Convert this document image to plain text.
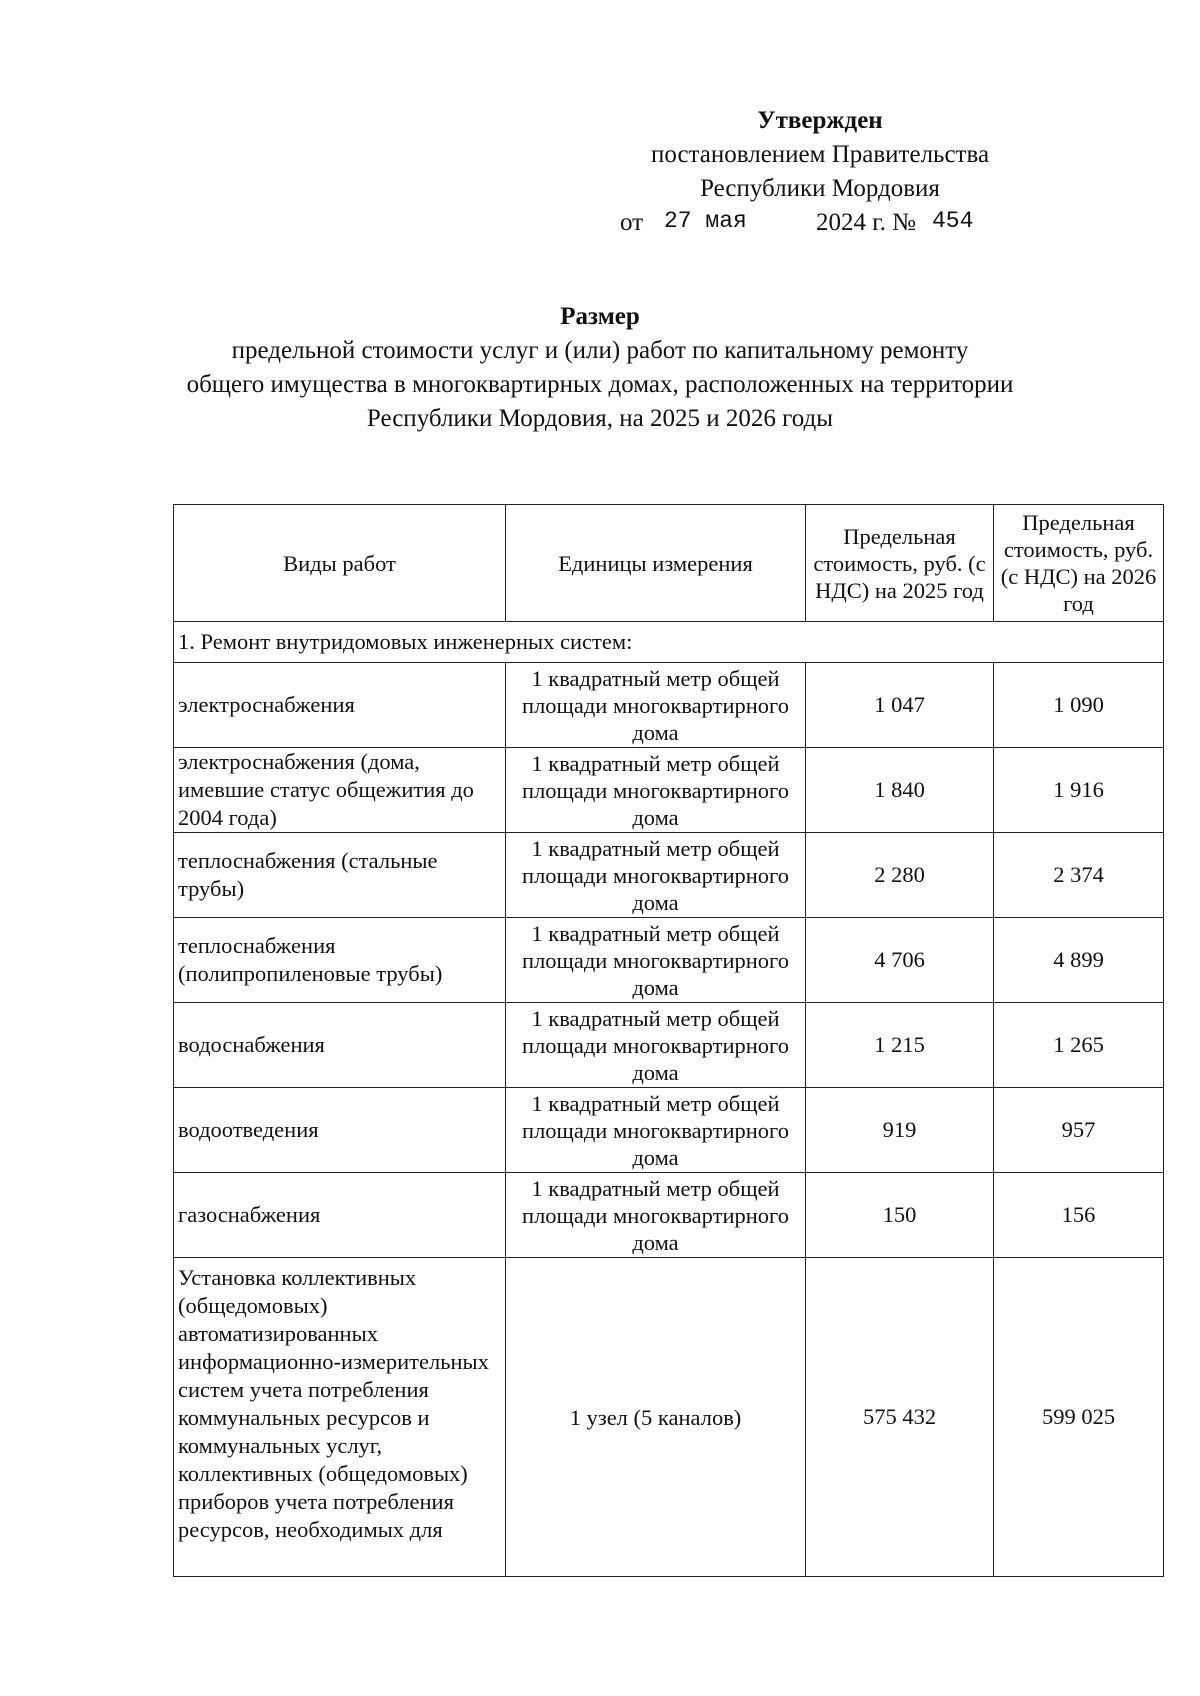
Утвержден
постановлением Правительства
Республики Мордовия
от 27 мая	2024 г. № 454
Размер
предельной стоимости услуг и (или) работ по капитальному ремонту
общего имущества в многоквартирных домах, расположенных на территории
Республики Мордовия, на 2025 и 2026 годы
Виды работ	Единицы измерения	Предельная стоимость, руб. (с НДС) на 2025 год	Предельная стоимость, руб. (с НДС) на 2026 год
1. Ремонт внутридомовых инженерных систем:			
электроснабжения	1 квадратный метр общей площади многоквартирного дома	1 047	1 090
электроснабжения (дома, имевшие статус общежития до 2004 года)	1 квадратный метр общей площади многоквартирного дома	1 840	1 916
теплоснабжения (стальные трубы)	1 квадратный метр общей площади многоквартирного дома	2 280	2 374
теплоснабжения (полипропиленовые трубы)	1 квадратный метр общей площади многоквартирного дома	4 706	4 899
водоснабжения	1 квадратный метр общей площади многоквартирного дома	1 215	1 265
водоотведения	1 квадратный метр общей площади многоквартирного дома	919	957
газоснабжения	1 квадратный метр общей площади многоквартирного дома	150	156
Установка коллективных (общедомовых) автоматизированных информационно-измерительных систем учета потребления коммунальных ресурсов и коммунальных услуг, коллективных (общедомовых) приборов учета потребления ресурсов, необходимых для	1 узел (5 каналов)	575 432	599 025
